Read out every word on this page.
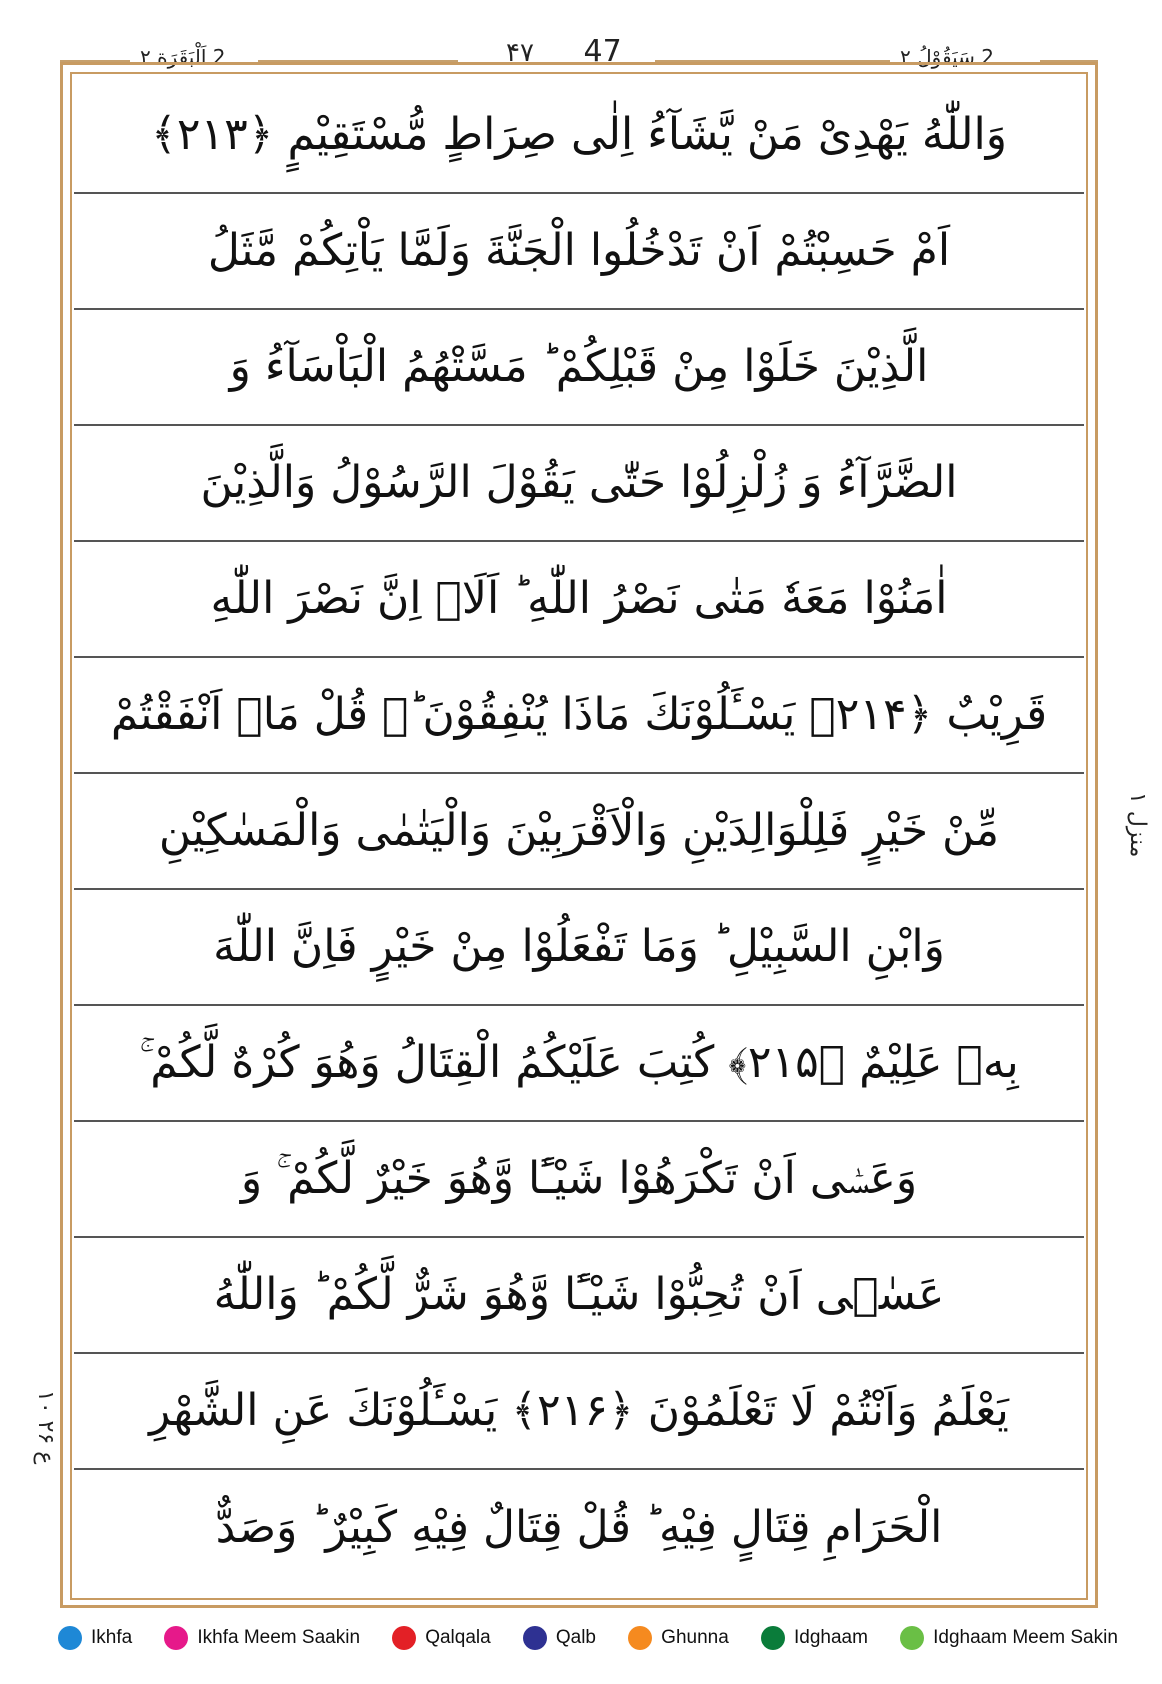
2 اَلْبَقَرَة ۲	۴۷ 47	2 سَیَقُوْلُ ۲
وَاللّٰهُ یَهْدِیْ مَنْ یَّشَآءُ اِلٰی صِرَاطٍ مُّسْتَقِیْمٍ ﴿۲۱۳﴾
اَمْ حَسِبْتُمْ اَنْ تَدْخُلُوا الْجَنَّةَ وَلَمَّا یَاْتِكُمْ مَّثَلُ
الَّذِیْنَ خَلَوْا مِنْ قَبْلِكُمْ ؕ مَسَّتْهُمُ الْبَاْسَآءُ وَ
الضَّرَّآءُ وَ زُلْزِلُوْا حَتّٰی یَقُوْلَ الرَّسُوْلُ وَالَّذِیْنَ
اٰمَنُوْا مَعَهٗ مَتٰی نَصْرُ اللّٰهِ ؕ اَلَاۤ اِنَّ نَصْرَ اللّٰهِ
قَرِیْبٌ ﴿۲۱۴﴾ یَسْـَٔلُوْنَكَ مَاذَا یُنْفِقُوْنَ ؕ۬ قُلْ مَاۤ اَنْفَقْتُمْ
مِّنْ خَیْرٍ فَلِلْوَالِدَیْنِ وَالْاَقْرَبِیْنَ وَالْیَتٰمٰی وَالْمَسٰكِیْنِ
وَابْنِ السَّبِیْلِ ؕ وَمَا تَفْعَلُوْا مِنْ خَیْرٍ فَاِنَّ اللّٰهَ
بِهٖ عَلِیْمٌ ﴿۲۱۵﴾ كُتِبَ عَلَیْكُمُ الْقِتَالُ وَهُوَ كُرْهٌ لَّكُمْ ۚ
وَعَسٰۤی اَنْ تَكْرَهُوْا شَیْـًٔا وَّهُوَ خَیْرٌ لَّكُمْ ۚ وَ
عَسٰۤی اَنْ تُحِبُّوْا شَیْـًٔا وَّهُوَ شَرٌّ لَّكُمْ ؕ وَاللّٰهُ
یَعْلَمُ وَاَنْتُمْ لَا تَعْلَمُوْنَ ﴿۲۱۶﴾ یَسْـَٔلُوْنَكَ عَنِ الشَّهْرِ
الْحَرَامِ قِتَالٍ فِیْهِ ؕ قُلْ قِتَالٌ فِیْهِ كَبِیْرٌ ؕ وَصَدٌّ
منزل ۱
ع ۲۶ ۱۰
Ikhfa	Ikhfa Meem Saakin	Qalqala	Qalb	Ghunna	Idghaam	Idghaam Meem Sakin
